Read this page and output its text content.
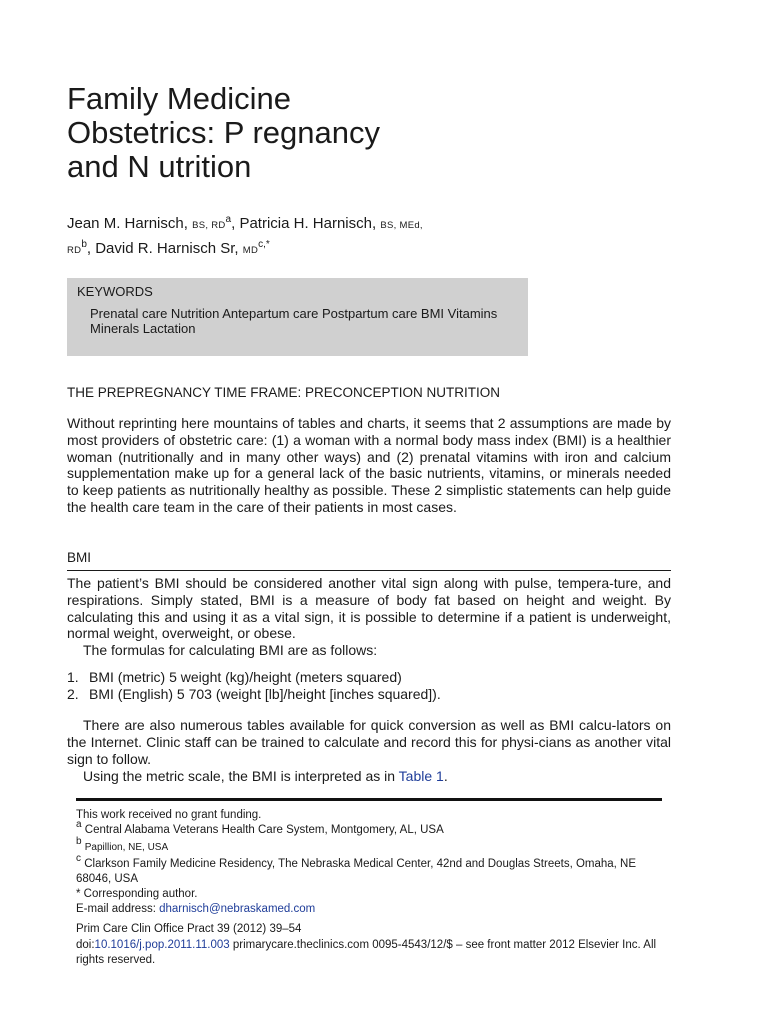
Family Medicine
Obstetrics: P regnancy
and N utrition

Jean M. Harnisch, BS, $RD^a$, Patricia H. Harnisch, BS, MEd,
$RD^b$, David R. Harnisch Sr, $MD^{c,*}$

KEYWORDS
Prenatal care Nutrition Antepartum care Postpartum care BMI Vitamins Minerals Lactation
THE PREPREGNANCY TIME FRAME: PRECONCEPTION NUTRITION

Without reprinting here mountains of tables and charts, it seems that 2 assumptions are made by most providers of obstetric care: (1) a woman with a normal body mass index (BMI) is a healthier woman (nutritionally and in many other ways) and (2) prenatal vitamins with iron and calcium supplementation make up for a general lack of the basic nutrients, vitamins, or minerals needed to keep patients as nutritionally healthy as possible. These 2 simplistic statements can help guide the health care team in the care of their patients in most cases.

BMI

The patient’s BMI should be considered another vital sign along with pulse, tempera-ture, and respirations. Simply stated, BMI is a measure of body fat based on height and weight. By calculating this and using it as a vital sign, it is possible to determine if a patient is underweight, normal weight, overweight, or obese.

The formulas for calculating BMI are as follows:

1. BMI (metric) 5 weight (kg)/height (meters squared)
2. BMI (English) 5 703 (weight [lb]/height [inches squared]).

There are also numerous tables available for quick conversion as well as BMI calcu-lators on the Internet. Clinic staff can be trained to calculate and record this for physi-cians as another vital sign to follow.

Using the metric scale, the BMI is interpreted as in Table 1.

This work received no grant funding.

$^a$ Central Alabama Veterans Health Care System, Montgomery, AL, USA

$^b$ Papillion, NE, USA

$^c$ Clarkson Family Medicine Residency, The Nebraska Medical Center, 42nd and Douglas Streets, Omaha, NE 68046, USA

* Corresponding author.

E-mail address: dharnisch@nebraskamed.com

Prim Care Clin Office Pract 39 (2012) 39–54

doi:10.1016/j.pop.2011.11.003 primarycare.theclinics.com 0095-4543/12/$ – see front matter 2012 Elsevier Inc. All rights reserved.
